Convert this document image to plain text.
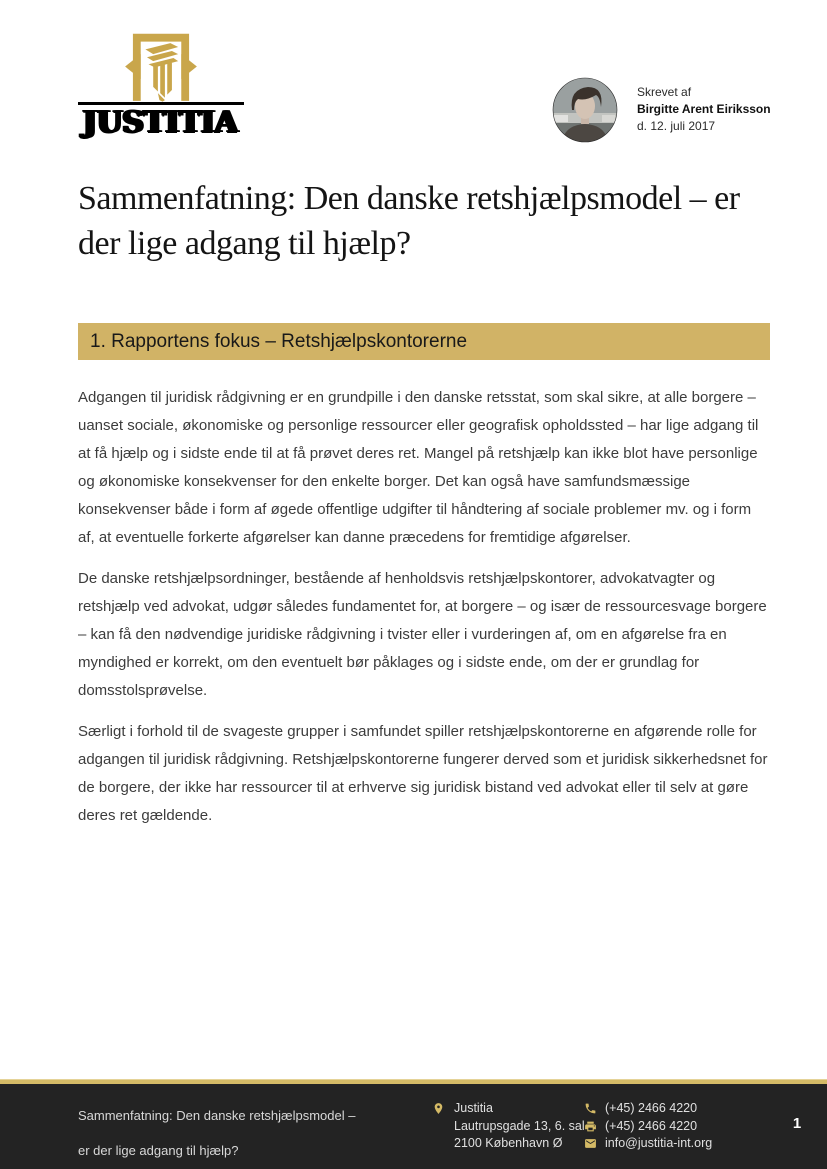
JUSTITIA
Skrevet af
Birgitte Arent Eiriksson
d. 12. juli 2017
Sammenfatning: Den danske retshjælpsmodel – er
der lige adgang til hjælp?
1. Rapportens fokus – Retshjælpskontorerne

Adgangen til juridisk rådgivning er en grundpille i den danske retsstat, som skal sikre, at alle borgere – uanset sociale, økonomiske og personlige ressourcer eller geografisk opholdssted – har lige adgang til at få hjælp og i sidste ende til at få prøvet deres ret. Mangel på retshjælp kan ikke blot have personlige og økonomiske konsekvenser for den enkelte borger. Det kan også have samfundsmæssige konsekvenser både i form af øgede offentlige udgifter til håndtering af sociale problemer mv. og i form af, at eventuelle forkerte afgørelser kan danne præcedens for fremtidige afgørelser.

De danske retshjælpsordninger, bestående af henholdsvis retshjælpskontorer, advokatvagter og retshjælp ved advokat, udgør således fundamentet for, at borgere – og især de ressourcesvage borgere – kan få den nødvendige juridiske rådgivning i tvister eller i vurderingen af, om en afgørelse fra en myndighed er korrekt, om den eventuelt bør påklages og i sidste ende, om der er grundlag for domsstolsprøvelse.

Særligt i forhold til de svageste grupper i samfundet spiller retshjælpskontorerne en afgørende rolle for adgangen til juridisk rådgivning. Retshjælpskontorerne fungerer derved som et juridisk sikkerhedsnet for de borgere, der ikke har ressourcer til at erhverve sig juridisk bistand ved advokat eller til selv at gøre deres ret gældende.

Sammenfatning: Den danske retshjælpsmodel –
er der lige adgang til hjælp?
Justitia
Lautrupsgade 13, 6. sal
2100 København Ø
(+45) 2466 4220
(+45) 2466 4220
info@justitia-int.org
1
